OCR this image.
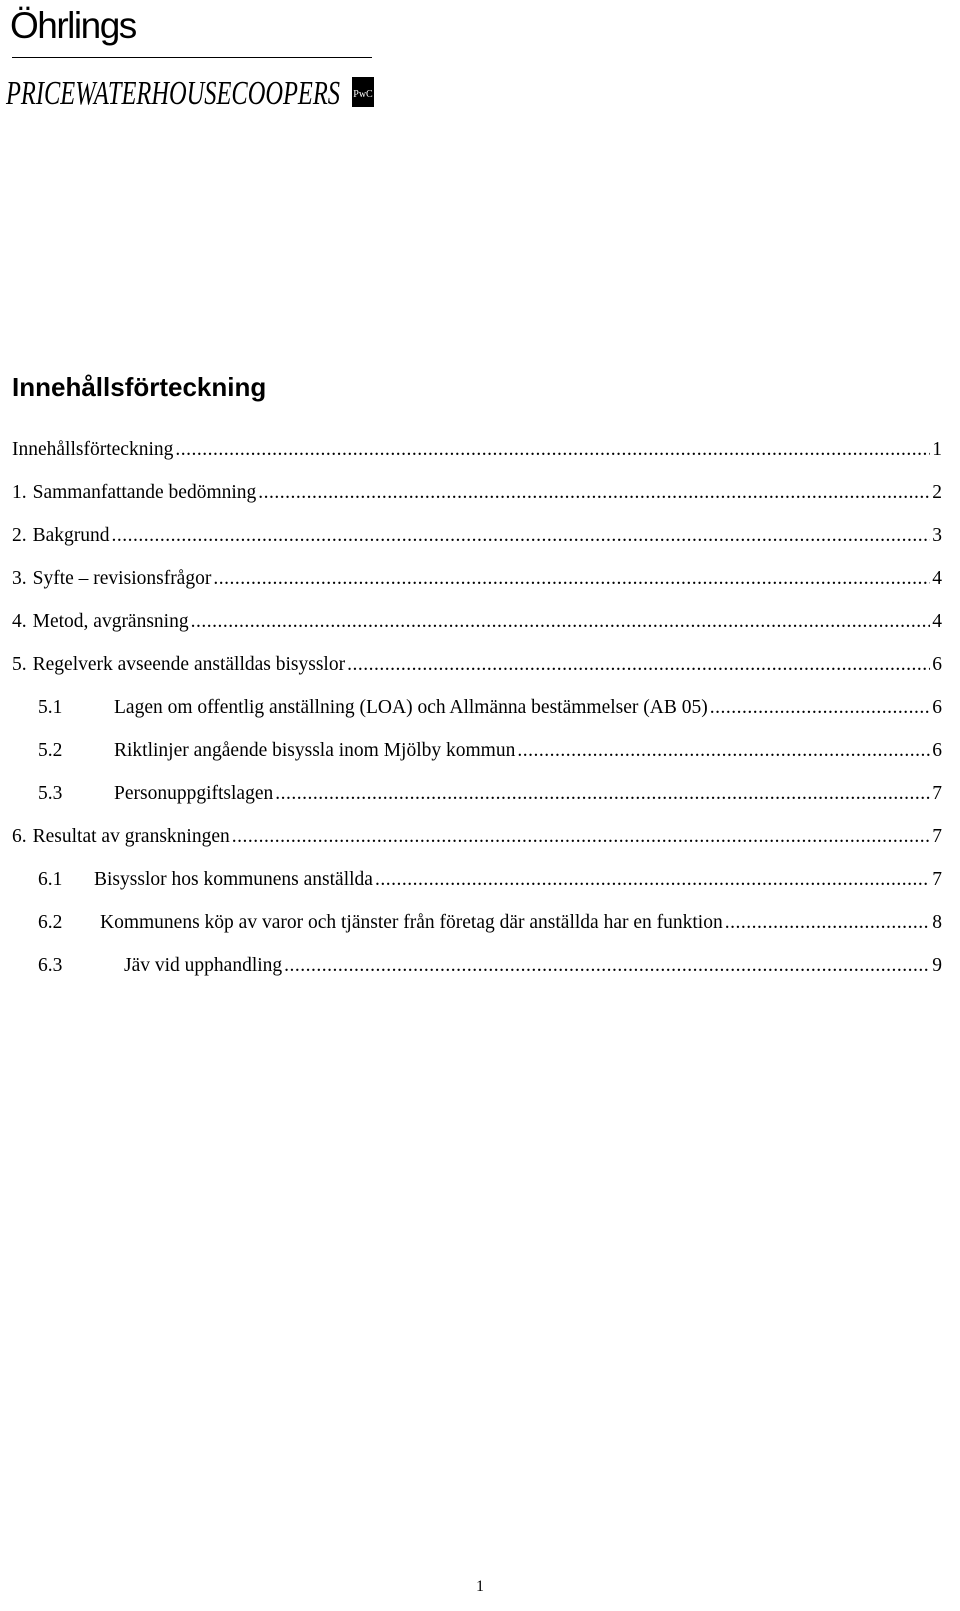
Öhrlings
PRICEWATERHOUSECOOPERS PwC
Innehållsförteckning
Innehållsförteckning .....	1
1. Sammanfattande bedömning .....	2
2. Bakgrund .....	3
3. Syfte – revisionsfrågor .....	4
4. Metod, avgränsning .....	4
5. Regelverk avseende anställdas bisysslor .....	6
5.1	Lagen om offentlig anställning (LOA) och Allmänna bestämmelser (AB 05) .....	6
5.2	Riktlinjer angående bisyssla inom Mjölby kommun .....	6
5.3	Personuppgiftslagen .....	7
6. Resultat av granskningen .....	7
6.1	Bisysslor hos kommunens anställda .....	7
6.2	Kommunens köp av varor och tjänster från företag där anställda har en funktion .....	8
6.3	Jäv vid upphandling .....	9
1
